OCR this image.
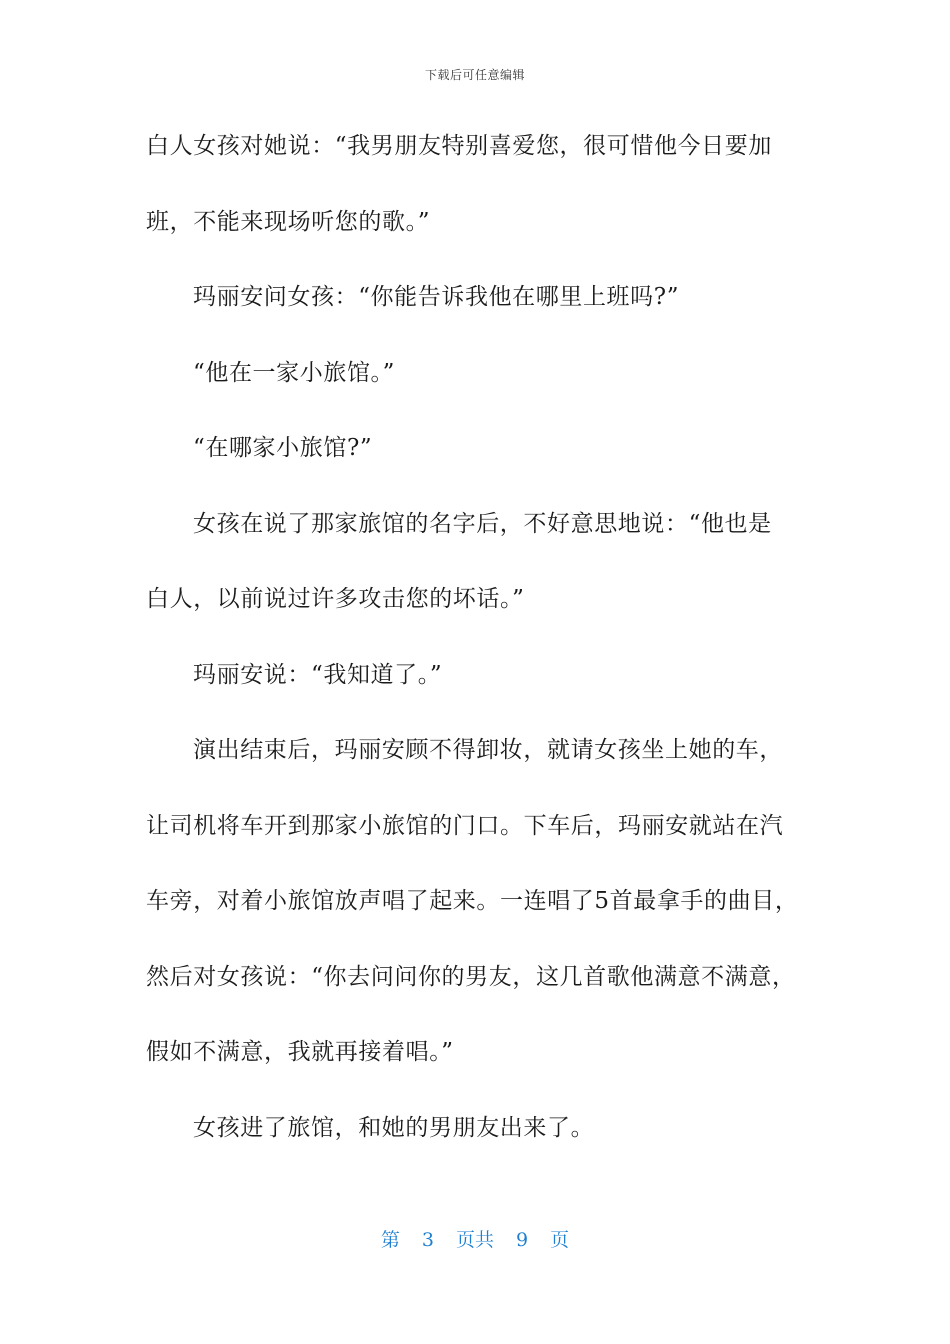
下载后可任意编辑
白人女孩对她说：“我男朋友特别喜爱您，很可惜他今日要加
班，不能来现场听您的歌。”
玛丽安问女孩：“你能告诉我他在哪里上班吗?”
“他在一家小旅馆。”
“在哪家小旅馆?”
女孩在说了那家旅馆的名字后，不好意思地说：“他也是
白人，以前说过许多攻击您的坏话。”
玛丽安说：“我知道了。”
演出结束后，玛丽安顾不得卸妆，就请女孩坐上她的车，
让司机将车开到那家小旅馆的门口。下车后，玛丽安就站在汽
车旁，对着小旅馆放声唱了起来。一连唱了5首最拿手的曲目，
然后对女孩说：“你去问问你的男友，这几首歌他满意不满意，
假如不满意，我就再接着唱。”
女孩进了旅馆，和她的男朋友出来了。
第 3 页共 9 页
